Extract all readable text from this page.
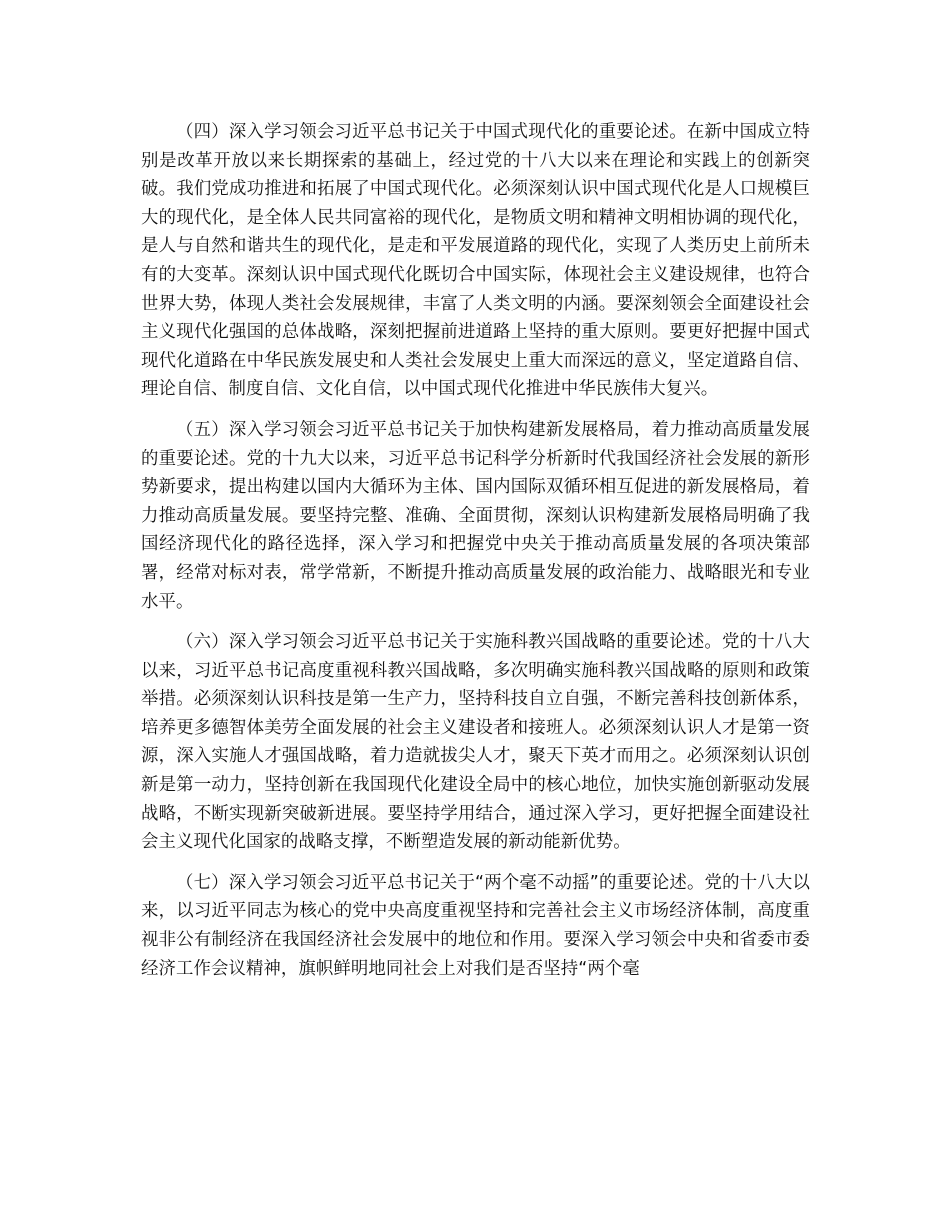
（四）深入学习领会习近平总书记关于中国式现代化的重要论述。在新中国成立特别是改革开放以来长期探索的基础上，经过党的十八大以来在理论和实践上的创新突破。我们党成功推进和拓展了中国式现代化。必须深刻认识中国式现代化是人口规模巨大的现代化，是全体人民共同富裕的现代化，是物质文明和精神文明相协调的现代化，是人与自然和谐共生的现代化，是走和平发展道路的现代化，实现了人类历史上前所未有的大变革。深刻认识中国式现代化既切合中国实际，体现社会主义建设规律，也符合世界大势，体现人类社会发展规律，丰富了人类文明的内涵。要深刻领会全面建设社会主义现代化强国的总体战略，深刻把握前进道路上坚持的重大原则。要更好把握中国式现代化道路在中华民族发展史和人类社会发展史上重大而深远的意义，坚定道路自信、理论自信、制度自信、文化自信，以中国式现代化推进中华民族伟大复兴。

（五）深入学习领会习近平总书记关于加快构建新发展格局，着力推动高质量发展的重要论述。党的十九大以来，习近平总书记科学分析新时代我国经济社会发展的新形势新要求，提出构建以国内大循环为主体、国内国际双循环相互促进的新发展格局，着力推动高质量发展。要坚持完整、准确、全面贯彻，深刻认识构建新发展格局明确了我国经济现代化的路径选择，深入学习和把握党中央关于推动高质量发展的各项决策部署，经常对标对表，常学常新，不断提升推动高质量发展的政治能力、战略眼光和专业水平。

（六）深入学习领会习近平总书记关于实施科教兴国战略的重要论述。党的十八大以来，习近平总书记高度重视科教兴国战略，多次明确实施科教兴国战略的原则和政策举措。必须深刻认识科技是第一生产力，坚持科技自立自强，不断完善科技创新体系，培养更多德智体美劳全面发展的社会主义建设者和接班人。必须深刻认识人才是第一资源，深入实施人才强国战略，着力造就拔尖人才，聚天下英才而用之。必须深刻认识创新是第一动力，坚持创新在我国现代化建设全局中的核心地位，加快实施创新驱动发展战略，不断实现新突破新进展。要坚持学用结合，通过深入学习，更好把握全面建设社会主义现代化国家的战略支撑，不断塑造发展的新动能新优势。

（七）深入学习领会习近平总书记关于“两个毫不动摇”的重要论述。党的十八大以来，以习近平同志为核心的党中央高度重视坚持和完善社会主义市场经济体制，高度重视非公有制经济在我国经济社会发展中的地位和作用。要深入学习领会中央和省委市委经济工作会议精神，旗帜鲜明地同社会上对我们是否坚持“两个毫
